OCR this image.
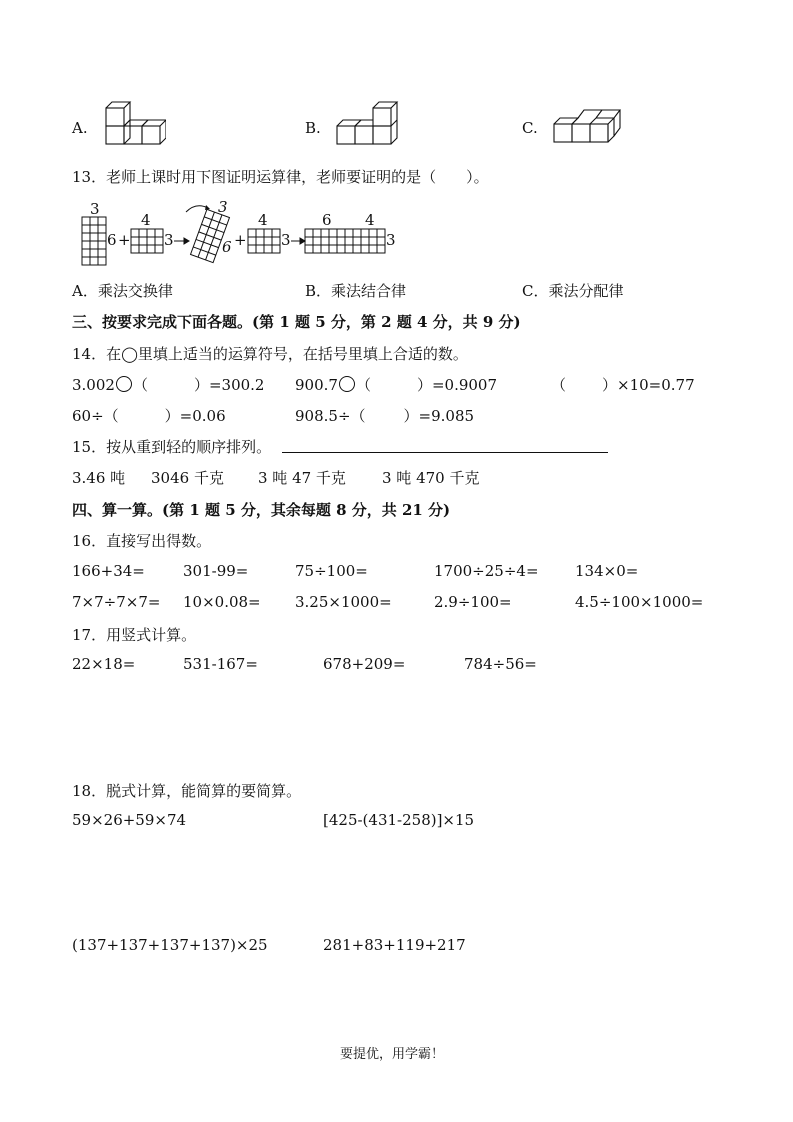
A.	B.	C.
13．老师上课时用下图证明运算律，老师要证明的是（　　）。
3
6 +
4
3
3
6 +
4
3
6 4
3
A．乘法交换律	B．乘法结合律	C．乘法分配律
三、按要求完成下面各题。(第 1 题 5 分，第 2 题 4 分，共 9 分)
14．在◯里填上适当的运算符号，在括号里填上合适的数。
3.002 （	）=300.2 900.7 （	）=0.9007	（ ）×10=0.77
60÷（	）=0.06	908.5÷（	）=9.085
15．按从重到轻的顺序排列。
3.46 吨 3046 千克 3 吨 47 千克 3 吨 470 千克
四、算一算。(第 1 题 5 分，其余每题 8 分，共 21 分)
16．直接写出得数。
166+34=	301-99=	75÷100=	1700÷25÷4= 134×0=
7×7÷7×7= 10×0.08= 3.25×1000=	2.9÷100=	4.5÷100×1000=
17．用竖式计算。
22×18=	531-167=	678+209=	784÷56=
18．脱式计算，能简算的要简算。
59×26+59×74	[425-(431-258)]×15
(137+137+137+137)×25	281+83+119+217
要提优，用学霸！
